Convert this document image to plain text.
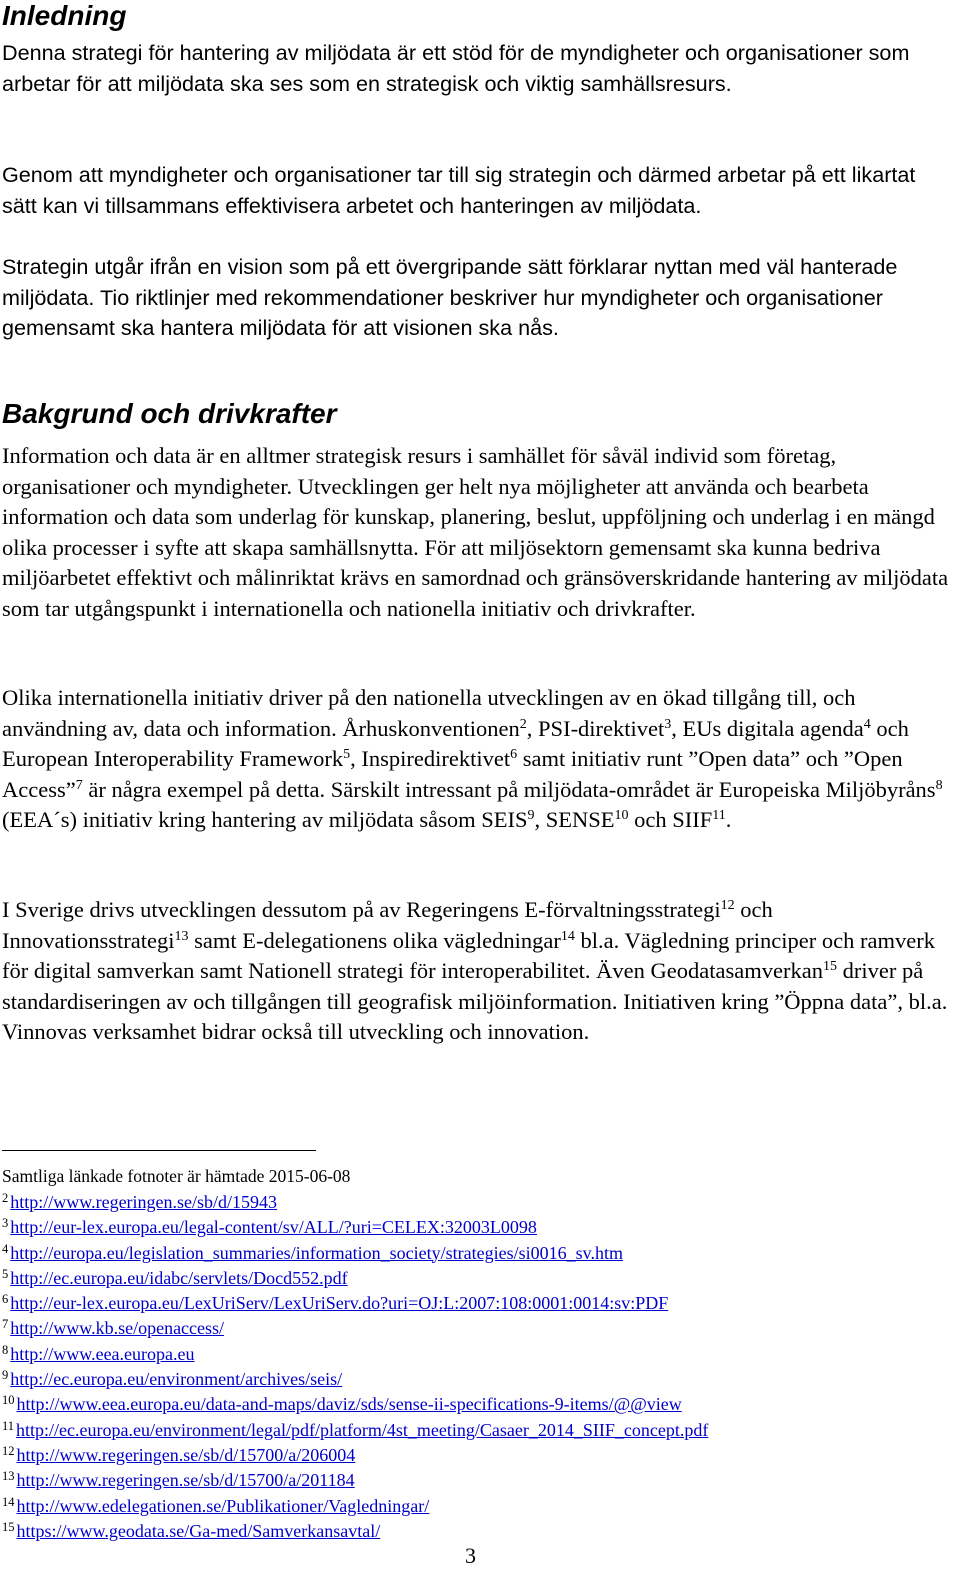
Inledning

Denna strategi för hantering av miljödata är ett stöd för de myndigheter och organisationer som arbetar för att miljödata ska ses som en strategisk och viktig samhällsresurs.

Genom att myndigheter och organisationer tar till sig strategin och därmed arbetar på ett likartat sätt kan vi tillsammans effektivisera arbetet och hanteringen av miljödata.

Strategin utgår ifrån en vision som på ett övergripande sätt förklarar nyttan med väl hanterade miljödata. Tio riktlinjer med rekommendationer beskriver hur myndigheter och organisationer gemensamt ska hantera miljödata för att visionen ska nås.

Bakgrund och drivkrafter

Information och data är en alltmer strategisk resurs i samhället för såväl individ som företag, organisationer och myndigheter. Utvecklingen ger helt nya möjligheter att använda och bearbeta information och data som underlag för kunskap, planering, beslut, uppföljning och underlag i en mängd olika processer i syfte att skapa samhällsnytta. För att miljösektorn gemensamt ska kunna bedriva miljöarbetet effektivt och målinriktat krävs en samordnad och gränsöverskridande hantering av miljödata som tar utgångspunkt i internationella och nationella initiativ och drivkrafter.

Olika internationella initiativ driver på den nationella utvecklingen av en ökad tillgång till, och användning av, data och information. Århuskonventionen$^2$, PSI-direktivet$^3$, EUs digitala agenda$^4$ och European Interoperability Framework$^5$, Inspiredirektivet$^6$ samt initiativ runt ”Open data” och ”Open Access”$^7$ är några exempel på detta. Särskilt intressant på miljödata-området är Europeiska Miljöbyråns$^8$ (EEA´s) initiativ kring hantering av miljödata såsom SEIS$^9$, SENSE$^{10}$ och SIIF$^{11}$.

I Sverige drivs utvecklingen dessutom på av Regeringens E-förvaltningsstrategi$^{12}$ och Innovationsstrategi$^{13}$ samt E-delegationens olika vägledningar$^{14}$ bl.a. Vägledning principer och ramverk för digital samverkan samt Nationell strategi för interoperabilitet. Även Geodatasamverkan$^{15}$ driver på standardiseringen av och tillgången till geografisk miljöinformation. Initiativen kring ”Öppna data”, bl.a. Vinnovas verksamhet bidrar också till utveckling och innovation.

Samtliga länkade fotnoter är hämtade 2015-06-08

$^2$ http://www.regeringen.se/sb/d/15943
$^3$ http://eur-lex.europa.eu/legal-content/sv/ALL/?uri=CELEX:32003L0098
$^4$ http://europa.eu/legislation_summaries/information_society/strategies/si0016_sv.htm
$^5$ http://ec.europa.eu/idabc/servlets/Docd552.pdf
$^6$ http://eur-lex.europa.eu/LexUriServ/LexUriServ.do?uri=OJ:L:2007:108:0001:0014:sv:PDF
$^7$ http://www.kb.se/openaccess/
$^8$ http://www.eea.europa.eu
$^9$ http://ec.europa.eu/environment/archives/seis/
$^{10}$ http://www.eea.europa.eu/data-and-maps/daviz/sds/sense-ii-specifications-9-items/@@view
$^{11}$ http://ec.europa.eu/environment/legal/pdf/platform/4st_meeting/Casaer_2014_SIIF_concept.pdf
$^{12}$ http://www.regeringen.se/sb/d/15700/a/206004
$^{13}$ http://www.regeringen.se/sb/d/15700/a/201184
$^{14}$ http://www.edelegationen.se/Publikationer/Vagledningar/
$^{15}$ https://www.geodata.se/Ga-med/Samverkansavtal/
3
